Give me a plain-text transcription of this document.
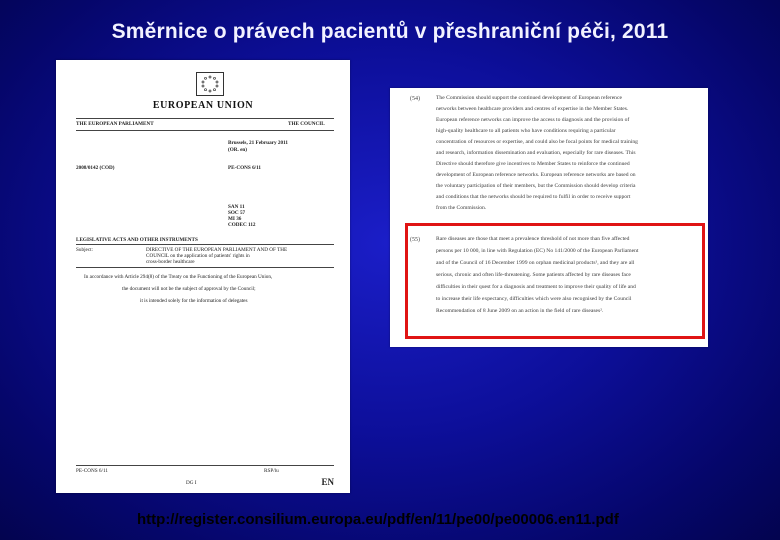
Směrnice o právech pacientů v přeshraniční péči, 2011
EUROPEAN UNION
THE EUROPEAN PARLIAMENT	THE COUNCIL
Brussels, 21 February 2011
(OR. en)
2008/0142 (COD)	PE-CONS 6/11
SAN 11
SOC 57
MI 36
CODEC 112
LEGISLATIVE ACTS AND OTHER INSTRUMENTS
Subject:	DIRECTIVE OF THE EUROPEAN PARLIAMENT AND OF THE
COUNCIL on the application of patients' rights in
cross-border healthcare
In accordance with Article 294(8) of the Treaty on the Functioning of the European Union,
the document will not be the subject of approval by the Council;
it is intended solely for the information of delegates
PE-CONS 6/11	RSP/lu
DG I	EN
(54)	The Commission should support the continued development of European reference
networks between healthcare providers and centres of expertise in the Member States.
European reference networks can improve the access to diagnosis and the provision of
high-quality healthcare to all patients who have conditions requiring a particular
concentration of resources or expertise, and could also be focal points for medical training
and research, information dissemination and evaluation, especially for rare diseases. This
Directive should therefore give incentives to Member States to reinforce the continued
development of European reference networks. European reference networks are based on
the voluntary participation of their members, but the Commission should develop criteria
and conditions that the networks should be required to fulfil in order to receive support
from the Commission.
(55)	Rare diseases are those that meet a prevalence threshold of not more than five affected
persons per 10 000, in line with Regulation (EC) No 141/2000 of the European Parliament
and of the Council of 16 December 1999 on orphan medicinal products¹, and they are all
serious, chronic and often life-threatening. Some patients affected by rare diseases face
difficulties in their quest for a diagnosis and treatment to improve their quality of life and
to increase their life expectancy, difficulties which were also recognised by the Council
Recommendation of 8 June 2009 on an action in the field of rare diseases².
http://register.consilium.europa.eu/pdf/en/11/pe00/pe00006.en11.pdf
